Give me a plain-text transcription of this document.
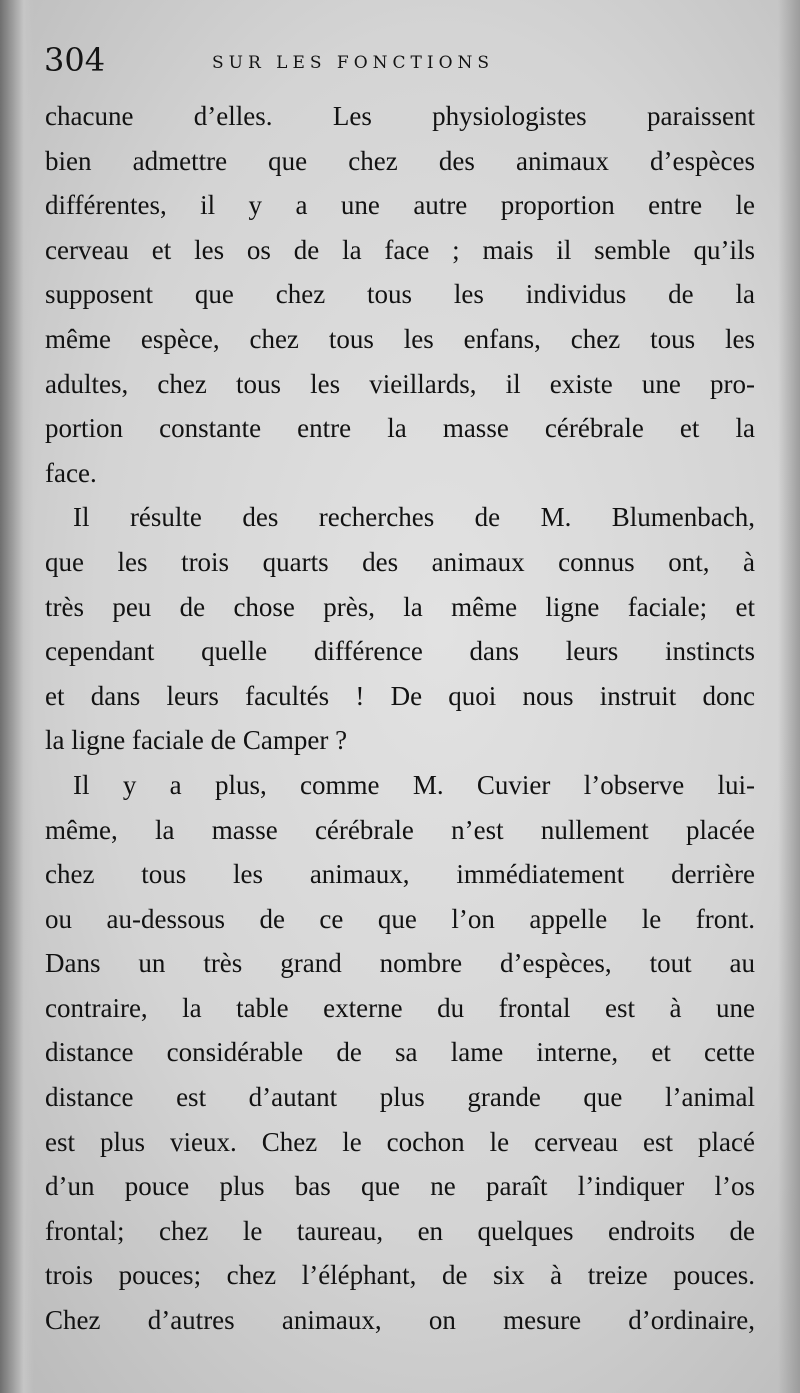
304	SUR LES FONCTIONS
chacune d’elles. Les physiologistes paraissent
bien admettre que chez des animaux d’espèces
différentes, il y a une autre proportion entre le
cerveau et les os de la face ; mais il semble qu’ils
supposent que chez tous les individus de la
même espèce, chez tous les enfans, chez tous les
adultes, chez tous les vieillards, il existe une pro-
portion constante entre la masse cérébrale et la
face.
Il résulte des recherches de M. Blumenbach,
que les trois quarts des animaux connus ont, à
très peu de chose près, la même ligne faciale; et
cependant quelle différence dans leurs instincts
et dans leurs facultés ! De quoi nous instruit donc
la ligne faciale de Camper ?
Il y a plus, comme M. Cuvier l’observe lui-
même, la masse cérébrale n’est nullement placée
chez tous les animaux, immédiatement derrière
ou au-dessous de ce que l’on appelle le front.
Dans un très grand nombre d’espèces, tout au
contraire, la table externe du frontal est à une
distance considérable de sa lame interne, et cette
distance est d’autant plus grande que l’animal
est plus vieux. Chez le cochon le cerveau est placé
d’un pouce plus bas que ne paraît l’indiquer l’os
frontal; chez le taureau, en quelques endroits de
trois pouces; chez l’éléphant, de six à treize pouces.
Chez d’autres animaux, on mesure d’ordinaire,
